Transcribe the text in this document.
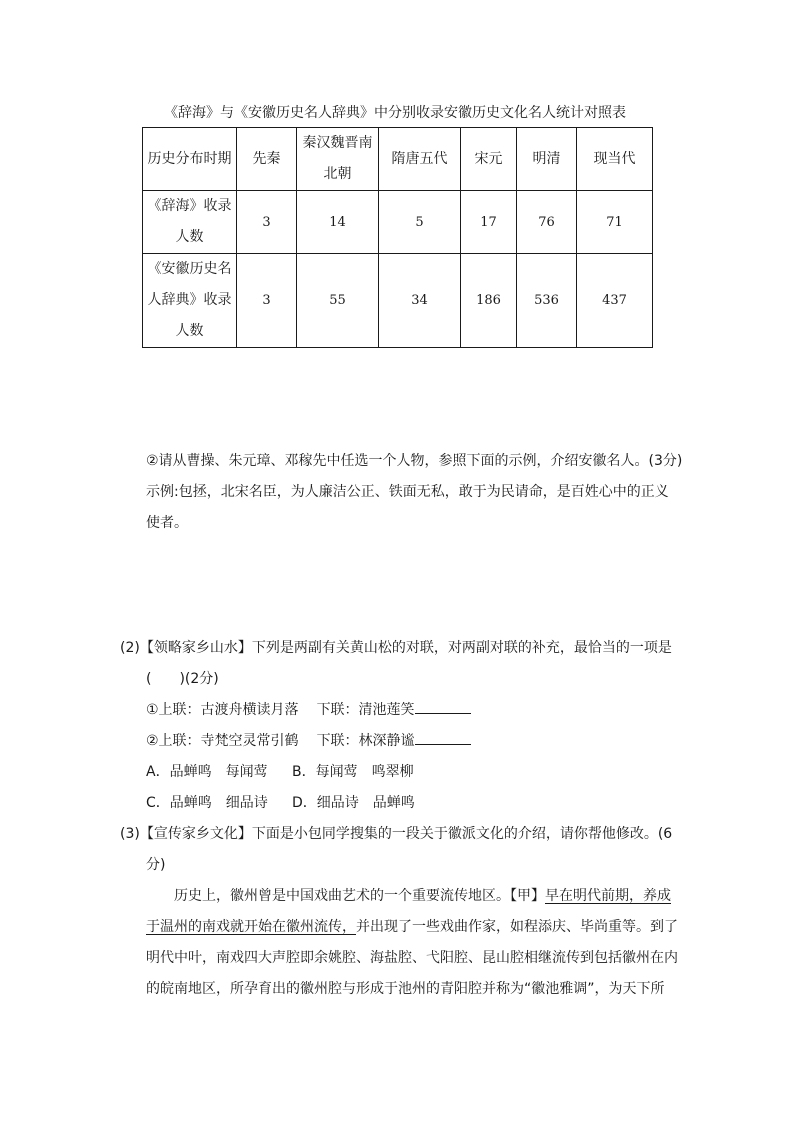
《辞海》与《安徽历史名人辞典》中分别收录安徽历史文化名人统计对照表
历史分布时期	先秦	秦汉魏晋南北朝	隋唐五代	宋元	明清	现当代
《辞海》收录人数	3	14	5	17	76	71
《安徽历史名人辞典》收录人数	3	55	34	186	536	437
②请从曹操、朱元璋、邓稼先中任选一个人物，参照下面的示例，介绍安徽名人。(3分)
示例:包拯，北宋名臣，为人廉洁公正、铁面无私，敢于为民请命，是百姓心中的正义
使者。
(2)【领略家乡山水】下列是两副有关黄山松的对联，对两副对联的补充，最恰当的一项是
(　　)(2分)
①上联：古渡舟横读月落 下联：清池莲笑
②上联：寺梵空灵常引鹤 下联：林深静谧
A．品蝉鸣　每闻莺 B．每闻莺　鸣翠柳
C．品蝉鸣　细品诗 D．细品诗　品蝉鸣
(3)【宣传家乡文化】下面是小包同学搜集的一段关于徽派文化的介绍，请你帮他修改。(6
分)
历史上，徽州曾是中国戏曲艺术的一个重要流传地区。【甲】早在明代前期，养成
于温州的南戏就开始在徽州流传，并出现了一些戏曲作家，如程添庆、毕尚重等。到了
明代中叶，南戏四大声腔即余姚腔、海盐腔、弋阳腔、昆山腔相继流传到包括徽州在内
的皖南地区，所孕育出的徽州腔与形成于池州的青阳腔并称为“徽池雅调”，为天下所
